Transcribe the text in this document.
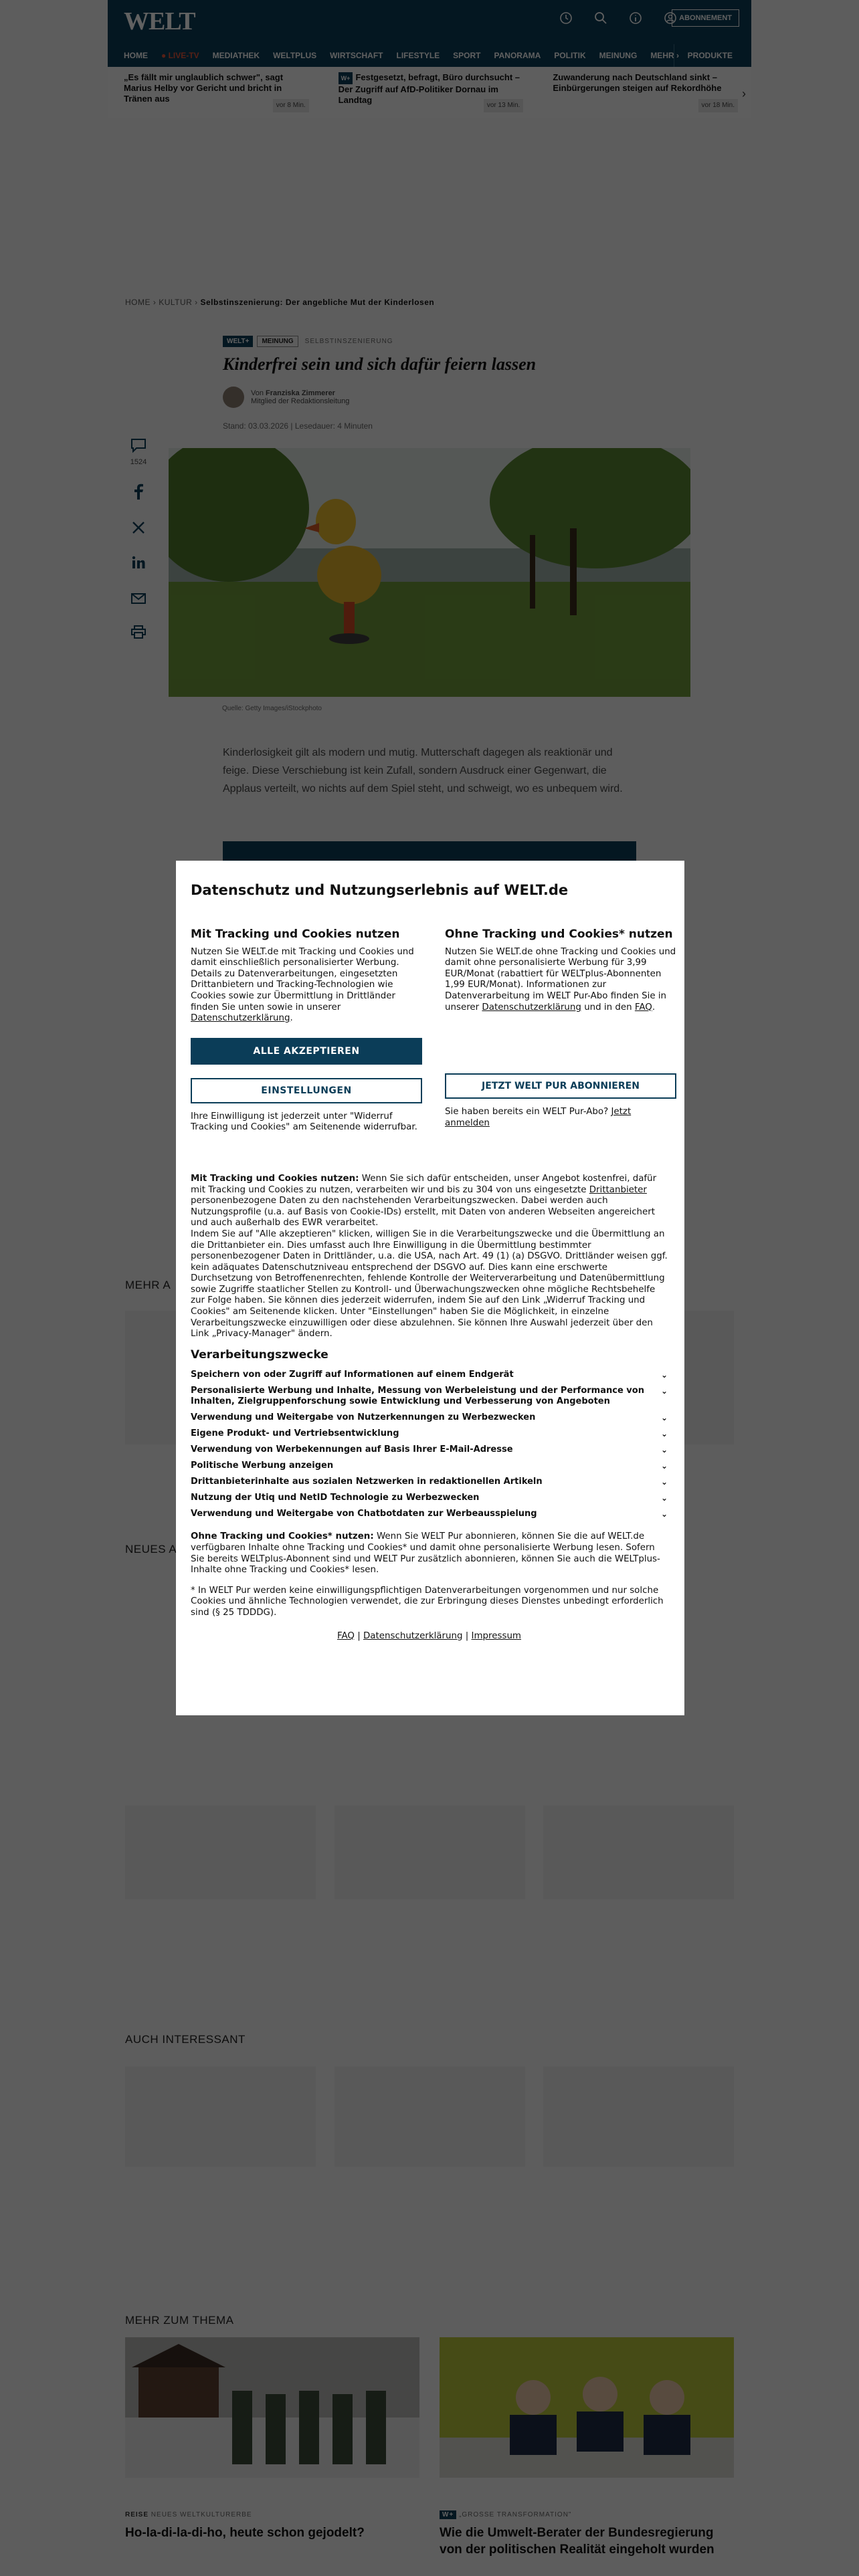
Datenschutz und Nutzungserlebnis auf WELT.de
Mit Tracking und Cookies nutzen
Nutzen Sie WELT.de mit Tracking und Cookies und damit einschließlich personalisierter Werbung. Details zu Datenverarbeitungen, eingesetzten Drittanbietern und Tracking-Technologien wie Cookies sowie zur Übermittlung in Drittländer finden Sie unten sowie in unserer Datenschutzerklärung.
ALLE AKZEPTIEREN
EINSTELLUNGEN
Ihre Einwilligung ist jederzeit unter "Widerruf Tracking und Cookies" am Seitenende widerrufbar.
Ohne Tracking und Cookies* nutzen
Nutzen Sie WELT.de ohne Tracking und Cookies und damit ohne personalisierte Werbung für 3,99 EUR/Monat (rabattiert für WELTplus-Abonnenten 1,99 EUR/Monat). Informationen zur Datenverarbeitung im WELT Pur-Abo finden Sie in unserer Datenschutzerklärung und in den FAQ.
JETZT WELT PUR ABONNIEREN
Sie haben bereits ein WELT Pur-Abo? Jetzt anmelden

Mit Tracking und Cookies nutzen: Wenn Sie sich dafür entscheiden, unser Angebot kostenfrei, dafür mit Tracking und Cookies zu nutzen, verarbeiten wir und bis zu 304 von uns eingesetzte Drittanbieter personenbezogene Daten zu den nachstehenden Verarbeitungszwecken. Dabei werden auch Nutzungsprofile (u.a. auf Basis von Cookie-IDs) erstellt, mit Daten von anderen Webseiten angereichert und auch außerhalb des EWR verarbeitet.

Indem Sie auf "Alle akzeptieren" klicken, willigen Sie in die Verarbeitungszwecke und die Übermittlung an die Drittanbieter ein. Dies umfasst auch Ihre Einwilligung in die Übermittlung bestimmter personenbezogener Daten in Drittländer, u.a. die USA, nach Art. 49 (1) (a) DSGVO. Drittländer weisen ggf. kein adäquates Datenschutzniveau entsprechend der DSGVO auf. Dies kann eine erschwerte Durchsetzung von Betroffenenrechten, fehlende Kontrolle der Weiterverarbeitung und Datenübermittlung sowie Zugriffe staatlicher Stellen zu Kontroll- und Überwachungszwecken ohne mögliche Rechtsbehelfe zur Folge haben. Sie können dies jederzeit widerrufen, indem Sie auf den Link „Widerruf Tracking und Cookies" am Seitenende klicken. Unter "Einstellungen" haben Sie die Möglichkeit, in einzelne Verarbeitungszwecke einzuwilligen oder diese abzulehnen. Sie können Ihre Auswahl jederzeit über den Link „Privacy-Manager" ändern.

Verarbeitungszwecke
Speichern von oder Zugriff auf Informationen auf einem Endgerät	⌄
Personalisierte Werbung und Inhalte, Messung von Werbeleistung und der Performance von Inhalten, Zielgruppenforschung sowie Entwicklung und Verbesserung von Angeboten
⌄
Verwendung und Weitergabe von Nutzerkennungen zu Werbezwecken	⌄
Eigene Produkt- und Vertriebsentwicklung	⌄
Verwendung von Werbekennungen auf Basis Ihrer E-Mail-Adresse	⌄
Politische Werbung anzeigen	⌄
Drittanbieterinhalte aus sozialen Netzwerken in redaktionellen Artikeln	⌄
Nutzung der Utiq und NetID Technologie zu Werbezwecken	⌄
Verwendung und Weitergabe von Chatbotdaten zur Werbeausspielung	⌄
Ohne Tracking und Cookies* nutzen: Wenn Sie WELT Pur abonnieren, können Sie die auf WELT.de verfügbaren Inhalte ohne Tracking und Cookies* und damit ohne personalisierte Werbung lesen. Sofern Sie bereits WELTplus-Abonnent sind und WELT Pur zusätzlich abonnieren, können Sie auch die WELTplus-Inhalte ohne Tracking und Cookies* lesen.
* In WELT Pur werden keine einwilligungspflichtigen Datenverarbeitungen vorgenommen und nur solche Cookies und ähnliche Technologien verwendet, die zur Erbringung dieses Dienstes unbedingt erforderlich sind (§ 25 TDDDG).
FAQ | Datenschutzerklärung | Impressum
